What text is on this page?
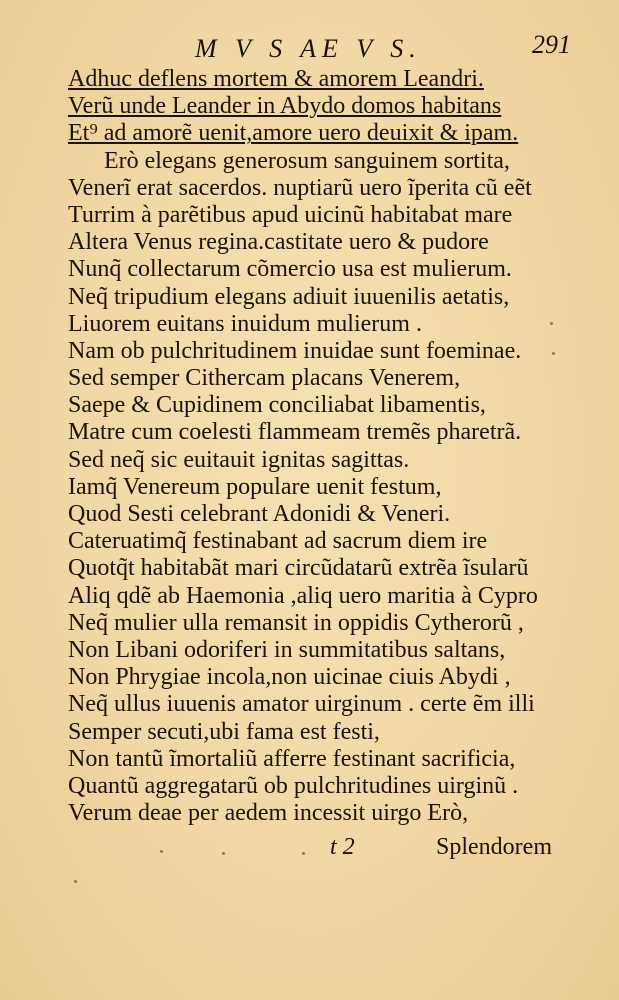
M V S AE V S.	291
Adhuc deflens mortem & amorem Leandri.
Verũ unde Leander in Abydo domos habitans
Et⁹ ad amorẽ uenit,amore uero deuixit & ipam.
Erò elegans generosum sanguinem sortita,
Venerĩ erat sacerdos. nuptiarũ uero ĩperita cũ eẽt
Turrim à parẽtibus apud uicinũ habitabat mare
Altera Venus regina.castitate uero & pudore
Nunq̃ collectarum cõmercio usa est mulierum.
Neq̃ tripudium elegans adiuit iuuenilis aetatis,
Liuorem euitans inuidum mulierum .
Nam ob pulchritudinem inuidae sunt foeminae.
Sed semper Cithercam placans Venerem,
Saepe & Cupidinem conciliabat libamentis,
Matre cum coelesti flammeam tremẽs pharetrã.
Sed neq̃ sic euitauit ignitas sagittas.
Iamq̃ Venereum populare uenit festum,
Quod Sesti celebrant Adonidi & Veneri.
Cateruatimq̃ festinabant ad sacrum diem ire
Quotq̃t habitabãt mari circũdatarũ extrẽa ĩsularũ
Aliq qdẽ ab Haemonia ,aliq uero maritia à Cypro
Neq̃ mulier ulla remansit in oppidis Cytherorũ ,
Non Libani odoriferi in summitatibus saltans,
Non Phrygiae incola,non uicinae ciuis Abydi ,
Neq̃ ullus iuuenis amator uirginum . certe ẽm illi
Semper secuti,ubi fama est festi,
Non tantũ ĩmortaliũ afferre festinant sacrificia,
Quantũ aggregatarũ ob pulchritudines uirginũ .
Verum deae per aedem incessit uirgo Erò,
t 2	Splendorem
